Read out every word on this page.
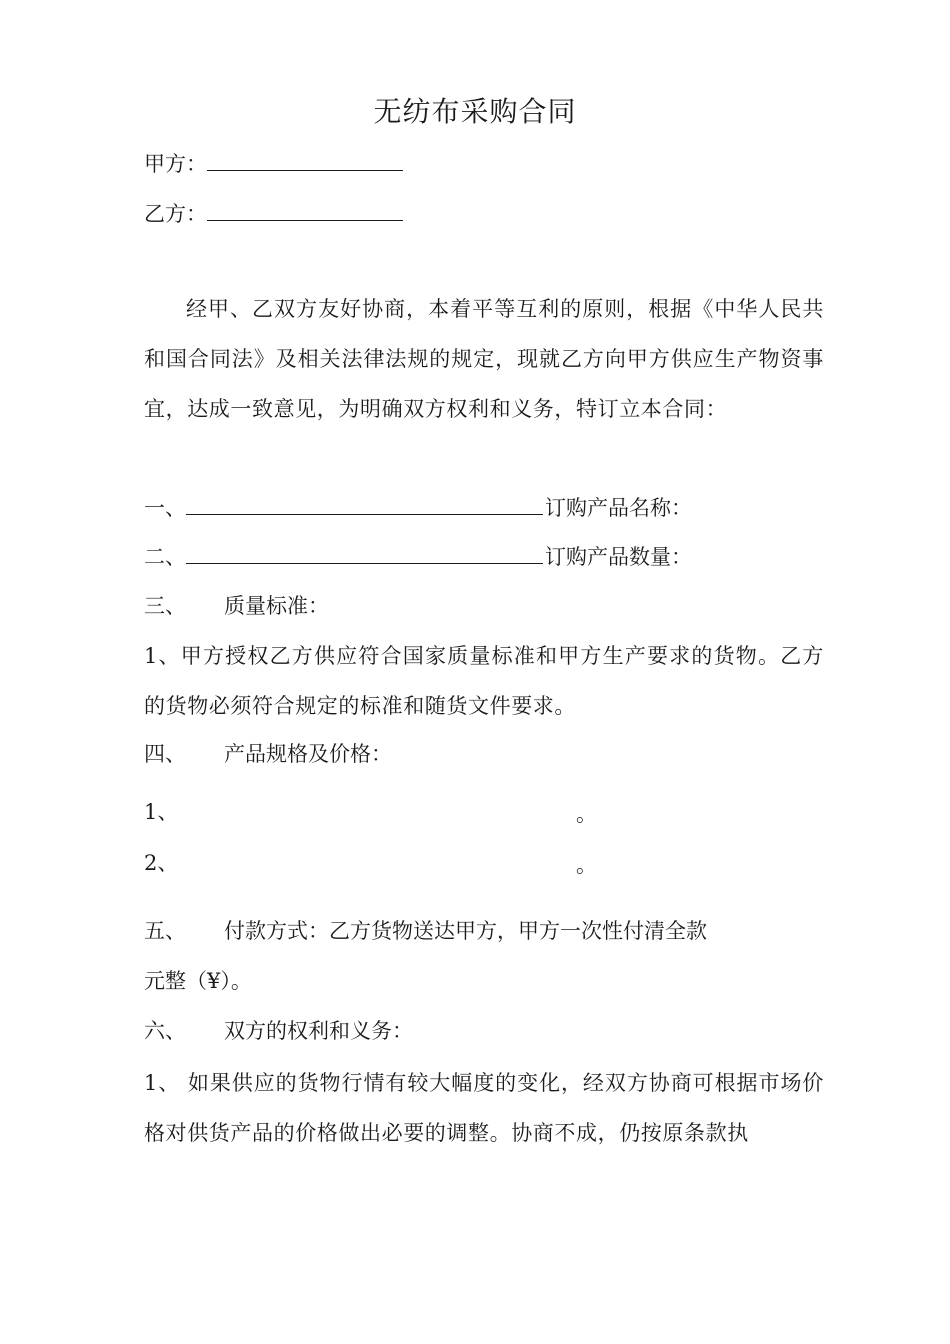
无纺布采购合同
甲方：
乙方：
经甲、乙双方友好协商，本着平等互利的原则，根据《中华人民共和国合同法》及相关法律法规的规定，现就乙方向甲方供应生产物资事宜，达成一致意见，为明确双方权利和义务，特订立本合同：
一、	订购产品名称：
二、	订购产品数量：
三、 质量标准：
1、甲方授权乙方供应符合国家质量标准和甲方生产要求的货物。乙方的货物必须符合规定的标准和随货文件要求。
四、 产品规格及价格：
1、	。
2、	。
五、 付款方式：乙方货物送达甲方，甲方一次性付清全款
元整（¥）。
六、 双方的权利和义务：
1、 如果供应的货物行情有较大幅度的变化，经双方协商可根据市场价格对供货产品的价格做出必要的调整。协商不成，仍按原条款执
